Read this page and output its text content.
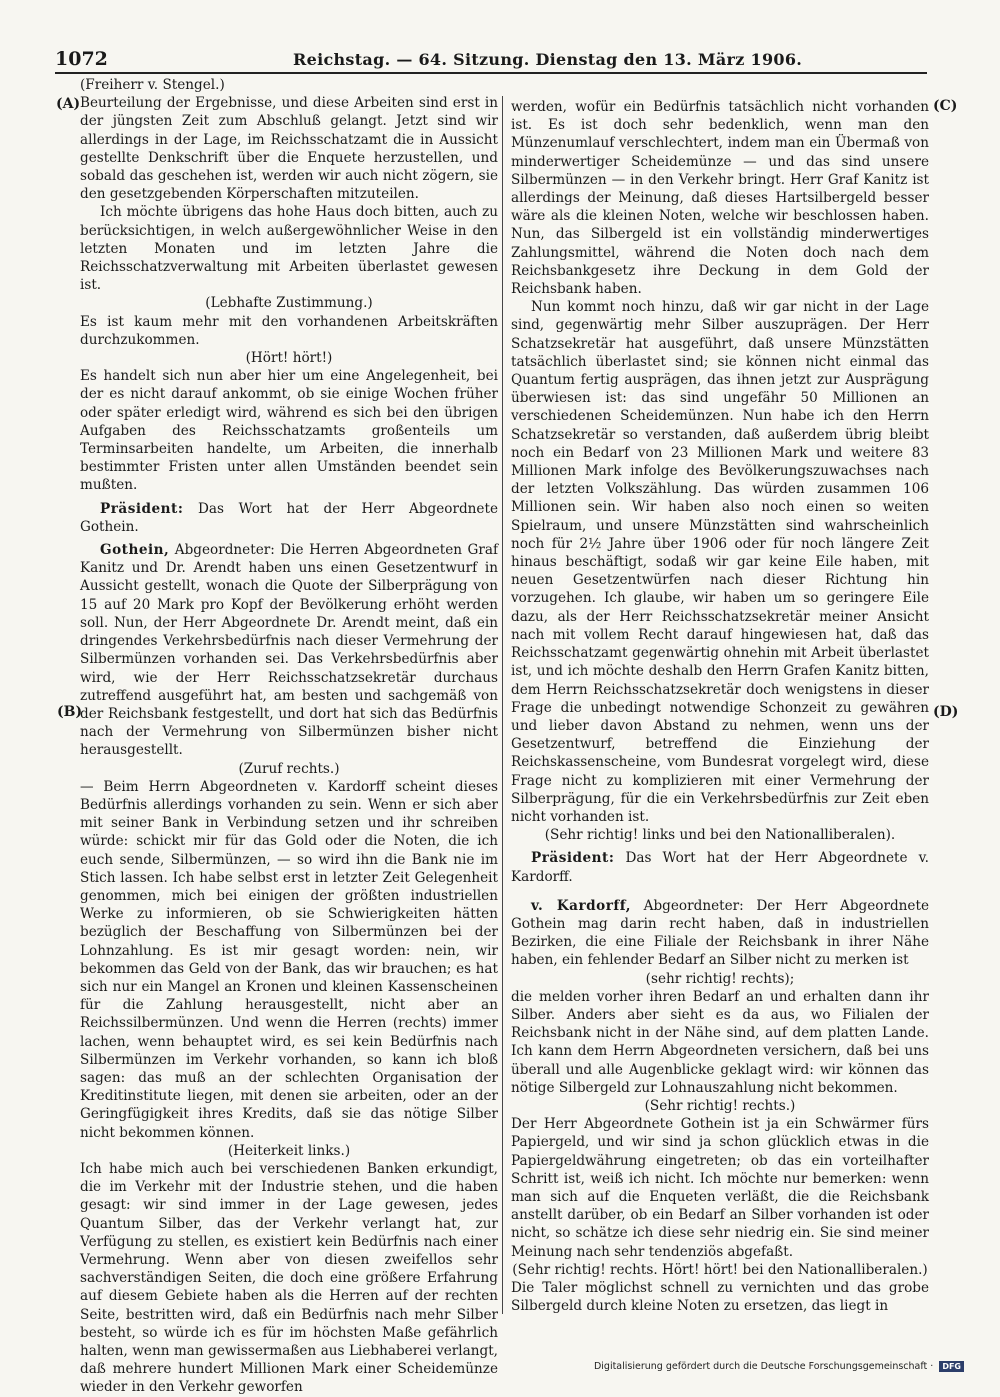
1072	Reichstag. — 64. Sitzung. Dienstag den 13. März 1906.
(A)
(B)
(C)
(D)

(Freiherr v. Stengel.)

Beurteilung der Ergebnisse, und diese Arbeiten sind erst in der jüngsten Zeit zum Abschluß gelangt. Jetzt sind wir allerdings in der Lage, im Reichsschatzamt die in Aussicht gestellte Denkschrift über die Enquete herzustellen, und sobald das geschehen ist, werden wir auch nicht zögern, sie den gesetzgebenden Körperschaften mitzuteilen.

Ich möchte übrigens das hohe Haus doch bitten, auch zu berücksichtigen, in welch außergewöhnlicher Weise in den letzten Monaten und im letzten Jahre die Reichsschatzverwaltung mit Arbeiten überlastet gewesen ist.

(Lebhafte Zustimmung.)

Es ist kaum mehr mit den vorhandenen Arbeitskräften durchzukommen.

(Hört! hört!)

Es handelt sich nun aber hier um eine Angelegenheit, bei der es nicht darauf ankommt, ob sie einige Wochen früher oder später erledigt wird, während es sich bei den übrigen Aufgaben des Reichsschatzamts großenteils um Terminsarbeiten handelte, um Arbeiten, die innerhalb bestimmter Fristen unter allen Umständen beendet sein mußten.

Präsident: Das Wort hat der Herr Abgeordnete Gothein.

Gothein, Abgeordneter: Die Herren Abgeordneten Graf Kanitz und Dr. Arendt haben uns einen Gesetzentwurf in Aussicht gestellt, wonach die Quote der Silberprägung von 15 auf 20 Mark pro Kopf der Bevölkerung erhöht werden soll. Nun, der Herr Abgeordnete Dr. Arendt meint, daß ein dringendes Verkehrsbedürfnis nach dieser Vermehrung der Silbermünzen vorhanden sei. Das Verkehrsbedürfnis aber wird, wie der Herr Reichsschatzsekretär durchaus zutreffend ausgeführt hat, am besten und sachgemäß von der Reichsbank festgestellt, und dort hat sich das Bedürfnis nach der Vermehrung von Silbermünzen bisher nicht herausgestellt.

(Zuruf rechts.)

— Beim Herrn Abgeordneten v. Kardorff scheint dieses Bedürfnis allerdings vorhanden zu sein. Wenn er sich aber mit seiner Bank in Verbindung setzen und ihr schreiben würde: schickt mir für das Gold oder die Noten, die ich euch sende, Silbermünzen, — so wird ihn die Bank nie im Stich lassen. Ich habe selbst erst in letzter Zeit Gelegenheit genommen, mich bei einigen der größten industriellen Werke zu informieren, ob sie Schwierigkeiten hätten bezüglich der Beschaffung von Silbermünzen bei der Lohnzahlung. Es ist mir gesagt worden: nein, wir bekommen das Geld von der Bank, das wir brauchen; es hat sich nur ein Mangel an Kronen und kleinen Kassenscheinen für die Zahlung herausgestellt, nicht aber an Reichssilbermünzen. Und wenn die Herren (rechts) immer lachen, wenn behauptet wird, es sei kein Bedürfnis nach Silbermünzen im Verkehr vorhanden, so kann ich bloß sagen: das muß an der schlechten Organisation der Kreditinstitute liegen, mit denen sie arbeiten, oder an der Geringfügigkeit ihres Kredits, daß sie das nötige Silber nicht bekommen können.

(Heiterkeit links.)

Ich habe mich auch bei verschiedenen Banken erkundigt, die im Verkehr mit der Industrie stehen, und die haben gesagt: wir sind immer in der Lage gewesen, jedes Quantum Silber, das der Verkehr verlangt hat, zur Verfügung zu stellen, es existiert kein Bedürfnis nach einer Vermehrung. Wenn aber von diesen zweifellos sehr sachverständigen Seiten, die doch eine größere Erfahrung auf diesem Gebiete haben als die Herren auf der rechten Seite, bestritten wird, daß ein Bedürfnis nach mehr Silber besteht, so würde ich es für im höchsten Maße gefährlich halten, wenn man gewissermaßen aus Liebhaberei verlangt, daß mehrere hundert Millionen Mark einer Scheidemünze wieder in den Verkehr geworfen

werden, wofür ein Bedürfnis tatsächlich nicht vorhanden ist. Es ist doch sehr bedenklich, wenn man den Münzenumlauf verschlechtert, indem man ein Übermaß von minderwertiger Scheidemünze — und das sind unsere Silbermünzen — in den Verkehr bringt. Herr Graf Kanitz ist allerdings der Meinung, daß dieses Hartsilbergeld besser wäre als die kleinen Noten, welche wir beschlossen haben. Nun, das Silbergeld ist ein vollständig minderwertiges Zahlungsmittel, während die Noten doch nach dem Reichsbankgesetz ihre Deckung in dem Gold der Reichsbank haben.

Nun kommt noch hinzu, daß wir gar nicht in der Lage sind, gegenwärtig mehr Silber auszuprägen. Der Herr Schatzsekretär hat ausgeführt, daß unsere Münzstätten tatsächlich überlastet sind; sie können nicht einmal das Quantum fertig ausprägen, das ihnen jetzt zur Ausprägung überwiesen ist: das sind ungefähr 50 Millionen an verschiedenen Scheidemünzen. Nun habe ich den Herrn Schatzsekretär so verstanden, daß außerdem übrig bleibt noch ein Bedarf von 23 Millionen Mark und weitere 83 Millionen Mark infolge des Bevölkerungszuwachses nach der letzten Volkszählung. Das würden zusammen 106 Millionen sein. Wir haben also noch einen so weiten Spielraum, und unsere Münzstätten sind wahrscheinlich noch für 2½ Jahre über 1906 oder für noch längere Zeit hinaus beschäftigt, sodaß wir gar keine Eile haben, mit neuen Gesetzentwürfen nach dieser Richtung hin vorzugehen. Ich glaube, wir haben um so geringere Eile dazu, als der Herr Reichsschatzsekretär meiner Ansicht nach mit vollem Recht darauf hingewiesen hat, daß das Reichsschatzamt gegenwärtig ohnehin mit Arbeit überlastet ist, und ich möchte deshalb den Herrn Grafen Kanitz bitten, dem Herrn Reichsschatzsekretär doch wenigstens in dieser Frage die unbedingt notwendige Schonzeit zu gewähren und lieber davon Abstand zu nehmen, wenn uns der Gesetzentwurf, betreffend die Einziehung der Reichskassenscheine, vom Bundesrat vorgelegt wird, diese Frage nicht zu komplizieren mit einer Vermehrung der Silberprägung, für die ein Verkehrsbedürfnis zur Zeit eben nicht vorhanden ist.

(Sehr richtig! links und bei den Nationalliberalen).

Präsident: Das Wort hat der Herr Abgeordnete v. Kardorff.

v. Kardorff, Abgeordneter: Der Herr Abgeordnete Gothein mag darin recht haben, daß in industriellen Bezirken, die eine Filiale der Reichsbank in ihrer Nähe haben, ein fehlender Bedarf an Silber nicht zu merken ist

(sehr richtig! rechts);

die melden vorher ihren Bedarf an und erhalten dann ihr Silber. Anders aber sieht es da aus, wo Filialen der Reichsbank nicht in der Nähe sind, auf dem platten Lande. Ich kann dem Herrn Abgeordneten versichern, daß bei uns überall und alle Augenblicke geklagt wird: wir können das nötige Silbergeld zur Lohnauszahlung nicht bekommen.

(Sehr richtig! rechts.)

Der Herr Abgeordnete Gothein ist ja ein Schwärmer fürs Papiergeld, und wir sind ja schon glücklich etwas in die Papiergeldwährung eingetreten; ob das ein vorteilhafter Schritt ist, weiß ich nicht. Ich möchte nur bemerken: wenn man sich auf die Enqueten verläßt, die die Reichsbank anstellt darüber, ob ein Bedarf an Silber vorhanden ist oder nicht, so schätze ich diese sehr niedrig ein. Sie sind meiner Meinung nach sehr tendenziös abgefaßt.

(Sehr richtig! rechts. Hört! hört! bei den Nationalliberalen.)

Die Taler möglichst schnell zu vernichten und das grobe Silbergeld durch kleine Noten zu ersetzen, das liegt in

Digitalisierung gefördert durch die Deutsche Forschungsgemeinschaft · DFG
